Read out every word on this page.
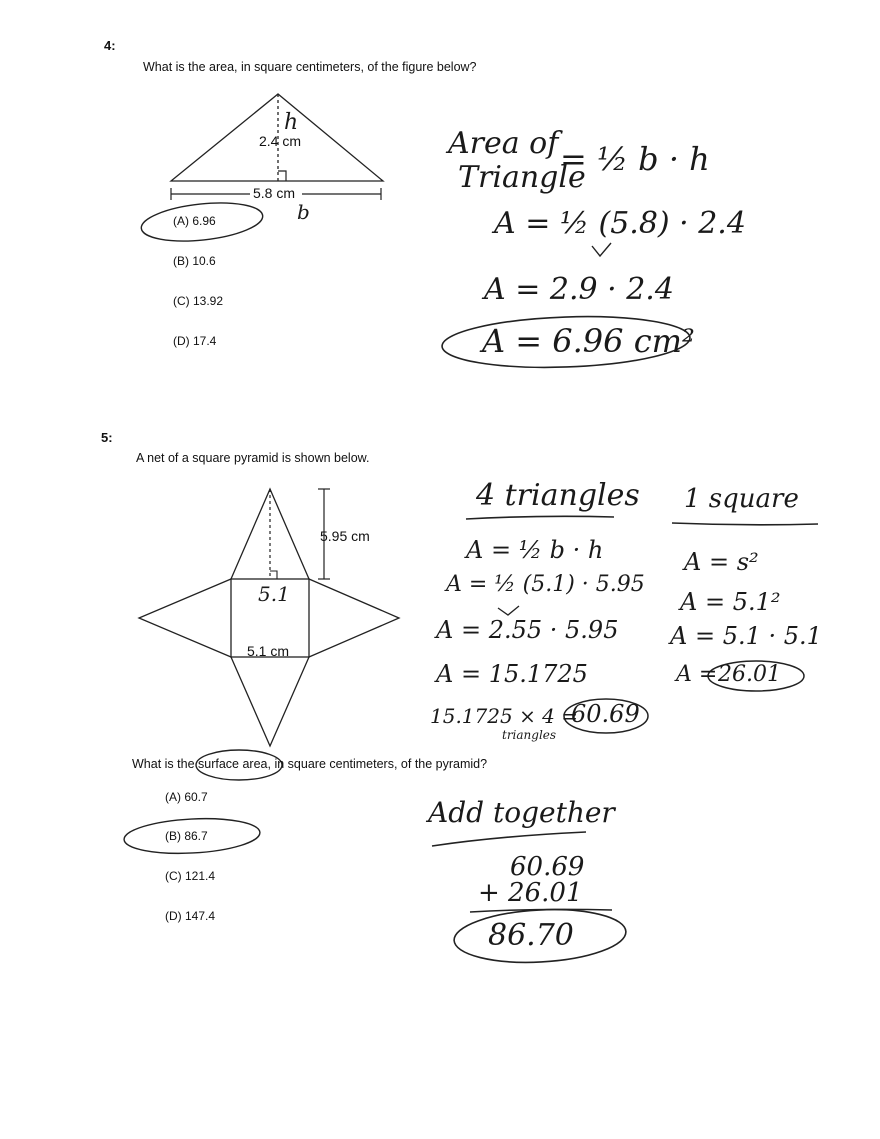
4:
What is the area, in square centimeters, of the figure below?
2.4 cm
5.8 cm
h
b
(A) 6.96
(B) 10.6
(C) 13.92
(D) 17.4
Area of
Triangle
= ½ b · h
A = ½ (5.8) · 2.4
A = 2.9 · 2.4
A = 6.96 cm²
5:
A net of a square pyramid is shown below.
5.95 cm
5.1 cm
5.1
What is the surface area, in square centimeters, of the pyramid?
(A) 60.7
(B) 86.7
(C) 121.4
(D) 147.4
4 triangles
A = ½ b · h
A = ½ (5.1) · 5.95
A = 2.55 · 5.95
A = 15.1725
15.1725 × 4 =
60.69
triangles
1 square
A = s²
A = 5.1²
A = 5.1 · 5.1
A = 26.01
Add together
60.69
+ 26.01
86.70
